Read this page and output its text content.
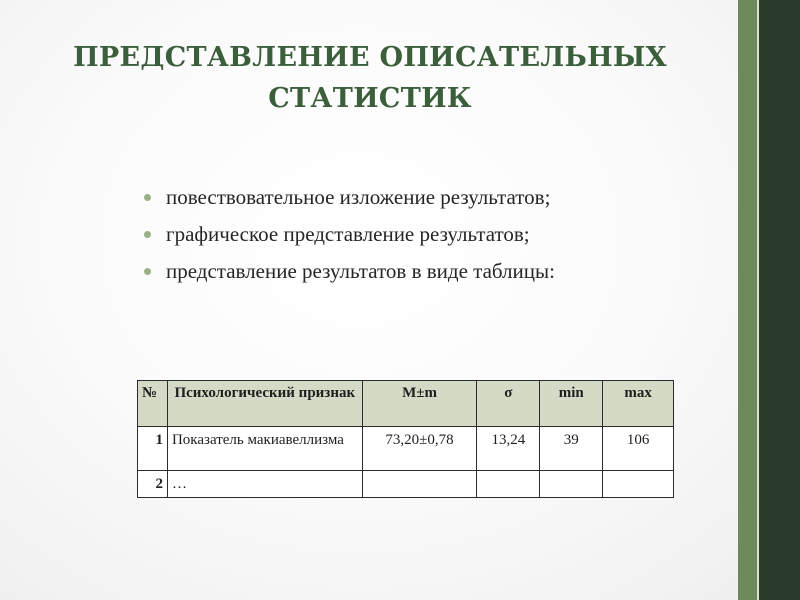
ПРЕДСТАВЛЕНИЕ ОПИСАТЕЛЬНЫХ СТАТИСТИК
повествовательное изложение результатов;
графическое представление результатов;
представление результатов в виде таблицы:
№	Психологический признак	M±m	σ	min	max
1	Показатель макиавеллизма	73,20±0,78	13,24	39	106
2	…				
